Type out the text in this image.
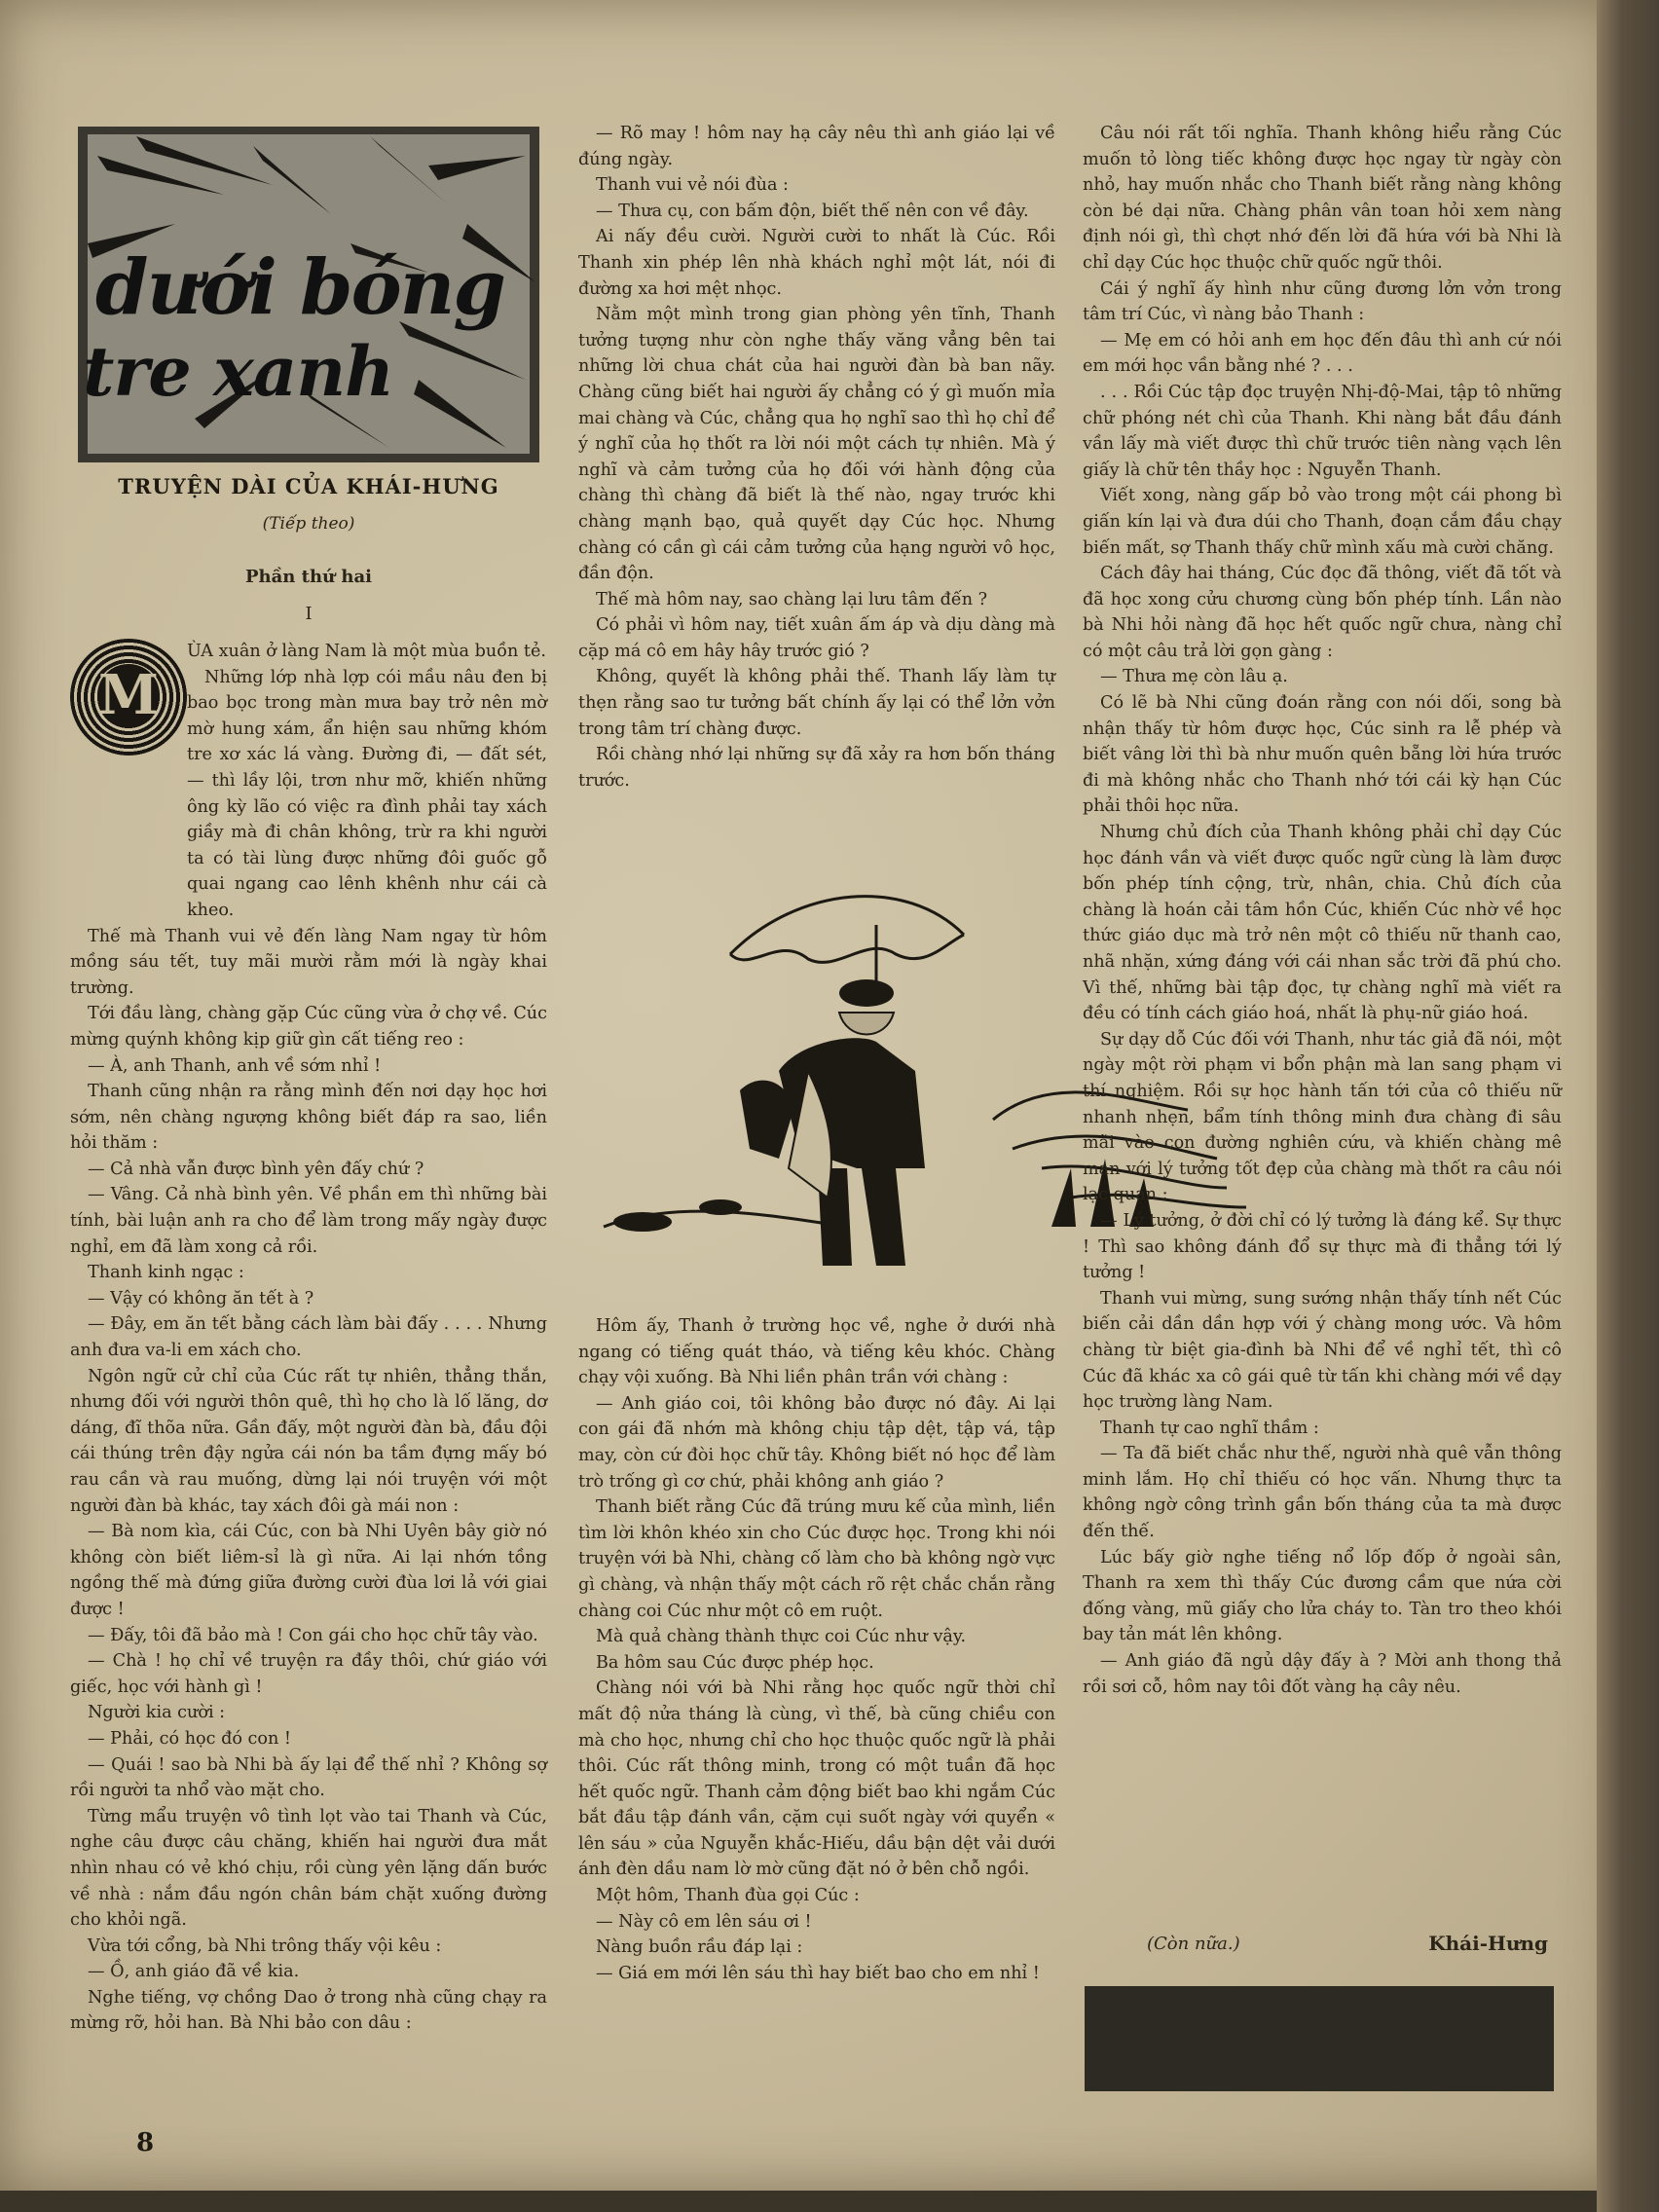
dưới bóng
tre xanh
TRUYỆN DÀI CỦA KHÁI-HƯNG
(Tiếp theo)
Phần thứ hai
I

ÙA xuân ở làng Nam là một mùa buồn tẻ.

Những lớp nhà lợp cói mầu nâu đen bị bao bọc trong màn mưa bay trở nên mờ mờ hung xám, ẩn hiện sau những khóm tre xơ xác lá vàng. Đường đi, — đất sét, — thì lầy lội, trơn như mỡ, khiến những ông kỳ lão có việc ra đình phải tay xách giầy mà đi chân không, trừ ra khi người ta có tài lùng được những đôi guốc gỗ quai ngang cao lênh khênh như cái cà kheo.

Thế mà Thanh vui vẻ đến làng Nam ngay từ hôm mồng sáu tết, tuy mãi mười rằm mới là ngày khai trường.

Tới đầu làng, chàng gặp Cúc cũng vừa ở chợ về. Cúc mừng quýnh không kịp giữ gìn cất tiếng reo :

— À, anh Thanh, anh về sớm nhỉ !

Thanh cũng nhận ra rằng mình đến nơi dạy học hơi sớm, nên chàng ngượng không biết đáp ra sao, liền hỏi thăm :

— Cả nhà vẫn được bình yên đấy chứ ?

— Vâng. Cả nhà bình yên. Về phần em thì những bài tính, bài luận anh ra cho để làm trong mấy ngày được nghỉ, em đã làm xong cả rồi.

Thanh kinh ngạc :

— Vậy có không ăn tết à ?

— Đây, em ăn tết bằng cách làm bài đấy . . . . Nhưng anh đưa va-li em xách cho.

Ngôn ngữ cử chỉ của Cúc rất tự nhiên, thẳng thắn, nhưng đối với người thôn quê, thì họ cho là lố lăng, dơ dáng, đĩ thõa nữa. Gần đấy, một người đàn bà, đầu đội cái thúng trên đậy ngửa cái nón ba tầm đựng mấy bó rau cần và rau muống, dừng lại nói truyện với một người đàn bà khác, tay xách đôi gà mái non :

— Bà nom kìa, cái Cúc, con bà Nhi Uyên bây giờ nó không còn biết liêm-sỉ là gì nữa. Ai lại nhớn tồng ngồng thế mà đứng giữa đường cười đùa lơi lả với giai được !

— Đấy, tôi đã bảo mà ! Con gái cho học chữ tây vào.

— Chà ! họ chỉ về truyện ra đầy thôi, chứ giáo với giếc, học với hành gì !

Người kia cười :

— Phải, có học đó con !

— Quái ! sao bà Nhi bà ấy lại để thế nhỉ ? Không sợ rồi người ta nhổ vào mặt cho.

Từng mẩu truyện vô tình lọt vào tai Thanh và Cúc, nghe câu được câu chăng, khiến hai người đưa mắt nhìn nhau có vẻ khó chịu, rồi cùng yên lặng dấn bước về nhà : nắm đầu ngón chân bám chặt xuống đường cho khỏi ngã.

Vừa tới cổng, bà Nhi trông thấy vội kêu :

— Ồ, anh giáo đã về kia.

Nghe tiếng, vợ chồng Dao ở trong nhà cũng chạy ra mừng rỡ, hỏi han. Bà Nhi bảo con dâu :

M

— Rõ may ! hôm nay hạ cây nêu thì anh giáo lại về đúng ngày.

Thanh vui vẻ nói đùa :

— Thưa cụ, con bấm độn, biết thế nên con về đây.

Ai nấy đều cười. Người cười to nhất là Cúc. Rồi Thanh xin phép lên nhà khách nghỉ một lát, nói đi đường xa hơi mệt nhọc.

Nằm một mình trong gian phòng yên tĩnh, Thanh tưởng tượng như còn nghe thấy văng vẳng bên tai những lời chua chát của hai người đàn bà ban nãy. Chàng cũng biết hai người ấy chẳng có ý gì muốn mỉa mai chàng và Cúc, chẳng qua họ nghĩ sao thì họ chỉ để ý nghĩ của họ thốt ra lời nói một cách tự nhiên. Mà ý nghĩ và cảm tưởng của họ đối với hành động của chàng thì chàng đã biết là thế nào, ngay trước khi chàng mạnh bạo, quả quyết dạy Cúc học. Nhưng chàng có cần gì cái cảm tưởng của hạng người vô học, đần độn.

Thế mà hôm nay, sao chàng lại lưu tâm đến ?

Có phải vì hôm nay, tiết xuân ấm áp và dịu dàng mà cặp má cô em hây hây trước gió ?

Không, quyết là không phải thế. Thanh lấy làm tự thẹn rằng sao tư tưởng bất chính ấy lại có thể lởn vởn trong tâm trí chàng được.

Rồi chàng nhớ lại những sự đã xảy ra hơn bốn tháng trước.

Hôm ấy, Thanh ở trường học về, nghe ở dưới nhà ngang có tiếng quát tháo, và tiếng kêu khóc. Chàng chạy vội xuống. Bà Nhi liền phân trần với chàng :

— Anh giáo coi, tôi không bảo được nó đây. Ai lại con gái đã nhớn mà không chịu tập dệt, tập vá, tập may, còn cứ đòi học chữ tây. Không biết nó học để làm trò trống gì cơ chứ, phải không anh giáo ?

Thanh biết rằng Cúc đã trúng mưu kế của mình, liền tìm lời khôn khéo xin cho Cúc được học. Trong khi nói truyện với bà Nhi, chàng cố làm cho bà không ngờ vực gì chàng, và nhận thấy một cách rõ rệt chắc chắn rằng chàng coi Cúc như một cô em ruột.

Mà quả chàng thành thực coi Cúc như vậy.

Ba hôm sau Cúc được phép học.

Chàng nói với bà Nhi rằng học quốc ngữ thời chỉ mất độ nửa tháng là cùng, vì thế, bà cũng chiều con mà cho học, nhưng chỉ cho học thuộc quốc ngữ là phải thôi. Cúc rất thông minh, trong có một tuần đã học hết quốc ngữ. Thanh cảm động biết bao khi ngắm Cúc bắt đầu tập đánh vần, cặm cụi suốt ngày với quyển « lên sáu » của Nguyễn khắc-Hiếu, dầu bận dệt vải dưới ánh đèn dầu nam lờ mờ cũng đặt nó ở bên chỗ ngồi.

Một hôm, Thanh đùa gọi Cúc :

— Này cô em lên sáu ơi !

Nàng buồn rầu đáp lại :

— Giá em mới lên sáu thì hay biết bao cho em nhỉ !

Câu nói rất tối nghĩa. Thanh không hiểu rằng Cúc muốn tỏ lòng tiếc không được học ngay từ ngày còn nhỏ, hay muốn nhắc cho Thanh biết rằng nàng không còn bé dại nữa. Chàng phân vân toan hỏi xem nàng định nói gì, thì chợt nhớ đến lời đã hứa với bà Nhi là chỉ dạy Cúc học thuộc chữ quốc ngữ thôi.

Cái ý nghĩ ấy hình như cũng đương lởn vởn trong tâm trí Cúc, vì nàng bảo Thanh :

— Mẹ em có hỏi anh em học đến đâu thì anh cứ nói em mới học vần bằng nhé ? . . .

. . . Rồi Cúc tập đọc truyện Nhị-độ-Mai, tập tô những chữ phóng nét chì của Thanh. Khi nàng bắt đầu đánh vần lấy mà viết được thì chữ trước tiên nàng vạch lên giấy là chữ tên thầy học : Nguyễn Thanh.

Viết xong, nàng gấp bỏ vào trong một cái phong bì giấn kín lại và đưa dúi cho Thanh, đoạn cắm đầu chạy biến mất, sợ Thanh thấy chữ mình xấu mà cười chăng.

Cách đây hai tháng, Cúc đọc đã thông, viết đã tốt và đã học xong cửu chương cùng bốn phép tính. Lần nào bà Nhi hỏi nàng đã học hết quốc ngữ chưa, nàng chỉ có một câu trả lời gọn gàng :

— Thưa mẹ còn lâu ạ.

Có lẽ bà Nhi cũng đoán rằng con nói dối, song bà nhận thấy từ hôm được học, Cúc sinh ra lễ phép và biết vâng lời thì bà như muốn quên bẵng lời hứa trước đi mà không nhắc cho Thanh nhớ tới cái kỳ hạn Cúc phải thôi học nữa.

Nhưng chủ đích của Thanh không phải chỉ dạy Cúc học đánh vần và viết được quốc ngữ cùng là làm được bốn phép tính cộng, trừ, nhân, chia. Chủ đích của chàng là hoán cải tâm hồn Cúc, khiến Cúc nhờ về học thức giáo dục mà trở nên một cô thiếu nữ thanh cao, nhã nhặn, xứng đáng với cái nhan sắc trời đã phú cho. Vì thế, những bài tập đọc, tự chàng nghĩ mà viết ra đều có tính cách giáo hoá, nhất là phụ-nữ giáo hoá.

Sự dạy dỗ Cúc đối với Thanh, như tác giả đã nói, một ngày một rời phạm vi bổn phận mà lan sang phạm vi thí nghiệm. Rồi sự học hành tấn tới của cô thiếu nữ nhanh nhẹn, bẩm tính thông minh đưa chàng đi sâu mãi vào con đường nghiên cứu, và khiến chàng mê man với lý tưởng tốt đẹp của chàng mà thốt ra câu nói lạc quan :

— Lý tưởng, ở đời chỉ có lý tưởng là đáng kể. Sự thực ! Thì sao không đánh đổ sự thực mà đi thẳng tới lý tưởng !

Thanh vui mừng, sung sướng nhận thấy tính nết Cúc biến cải dần dần hợp với ý chàng mong ước. Và hôm chàng từ biệt gia-đình bà Nhi để về nghỉ tết, thì cô Cúc đã khác xa cô gái quê từ tấn khi chàng mới về dạy học trường làng Nam.

Thanh tự cao nghĩ thầm :

— Ta đã biết chắc như thế, người nhà quê vẫn thông minh lắm. Họ chỉ thiếu có học vấn. Nhưng thực ta không ngờ công trình gần bốn tháng của ta mà được đến thế.

Lúc bấy giờ nghe tiếng nổ lốp đốp ở ngoài sân, Thanh ra xem thì thấy Cúc đương cầm que nứa cời đống vàng, mũ giấy cho lửa cháy to. Tàn tro theo khói bay tản mát lên không.

— Anh giáo đã ngủ dậy đấy à ? Mời anh thong thả rồi sơi cỗ, hôm nay tôi đốt vàng hạ cây nêu.

(Còn nữa.)	Khái-Hưng
8
